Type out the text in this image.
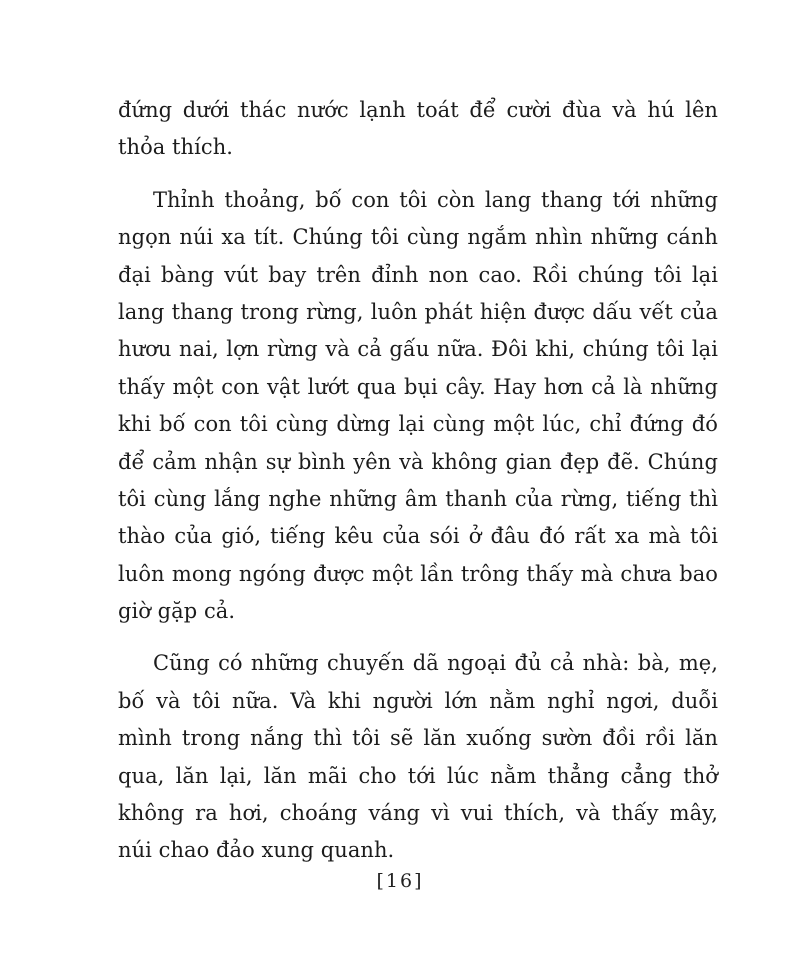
đứng dưới thác nước lạnh toát để cười đùa và hú lên
thỏa thích.
Thỉnh thoảng, bố con tôi còn lang thang tới những
ngọn núi xa tít. Chúng tôi cùng ngắm nhìn những cánh
đại bàng vút bay trên đỉnh non cao. Rồi chúng tôi lại
lang thang trong rừng, luôn phát hiện được dấu vết của
hươu nai, lợn rừng và cả gấu nữa. Đôi khi, chúng tôi lại
thấy một con vật lướt qua bụi cây. Hay hơn cả là những
khi bố con tôi cùng dừng lại cùng một lúc, chỉ đứng đó
để cảm nhận sự bình yên và không gian đẹp đẽ. Chúng
tôi cùng lắng nghe những âm thanh của rừng, tiếng thì
thào của gió, tiếng kêu của sói ở đâu đó rất xa mà tôi
luôn mong ngóng được một lần trông thấy mà chưa bao
giờ gặp cả.
Cũng có những chuyến dã ngoại đủ cả nhà: bà, mẹ,
bố và tôi nữa. Và khi người lớn nằm nghỉ ngơi, duỗi
mình trong nắng thì tôi sẽ lăn xuống sườn đồi rồi lăn
qua, lăn lại, lăn mãi cho tới lúc nằm thẳng cẳng thở
không ra hơi, choáng váng vì vui thích, và thấy mây,
núi chao đảo xung quanh.
[16]
